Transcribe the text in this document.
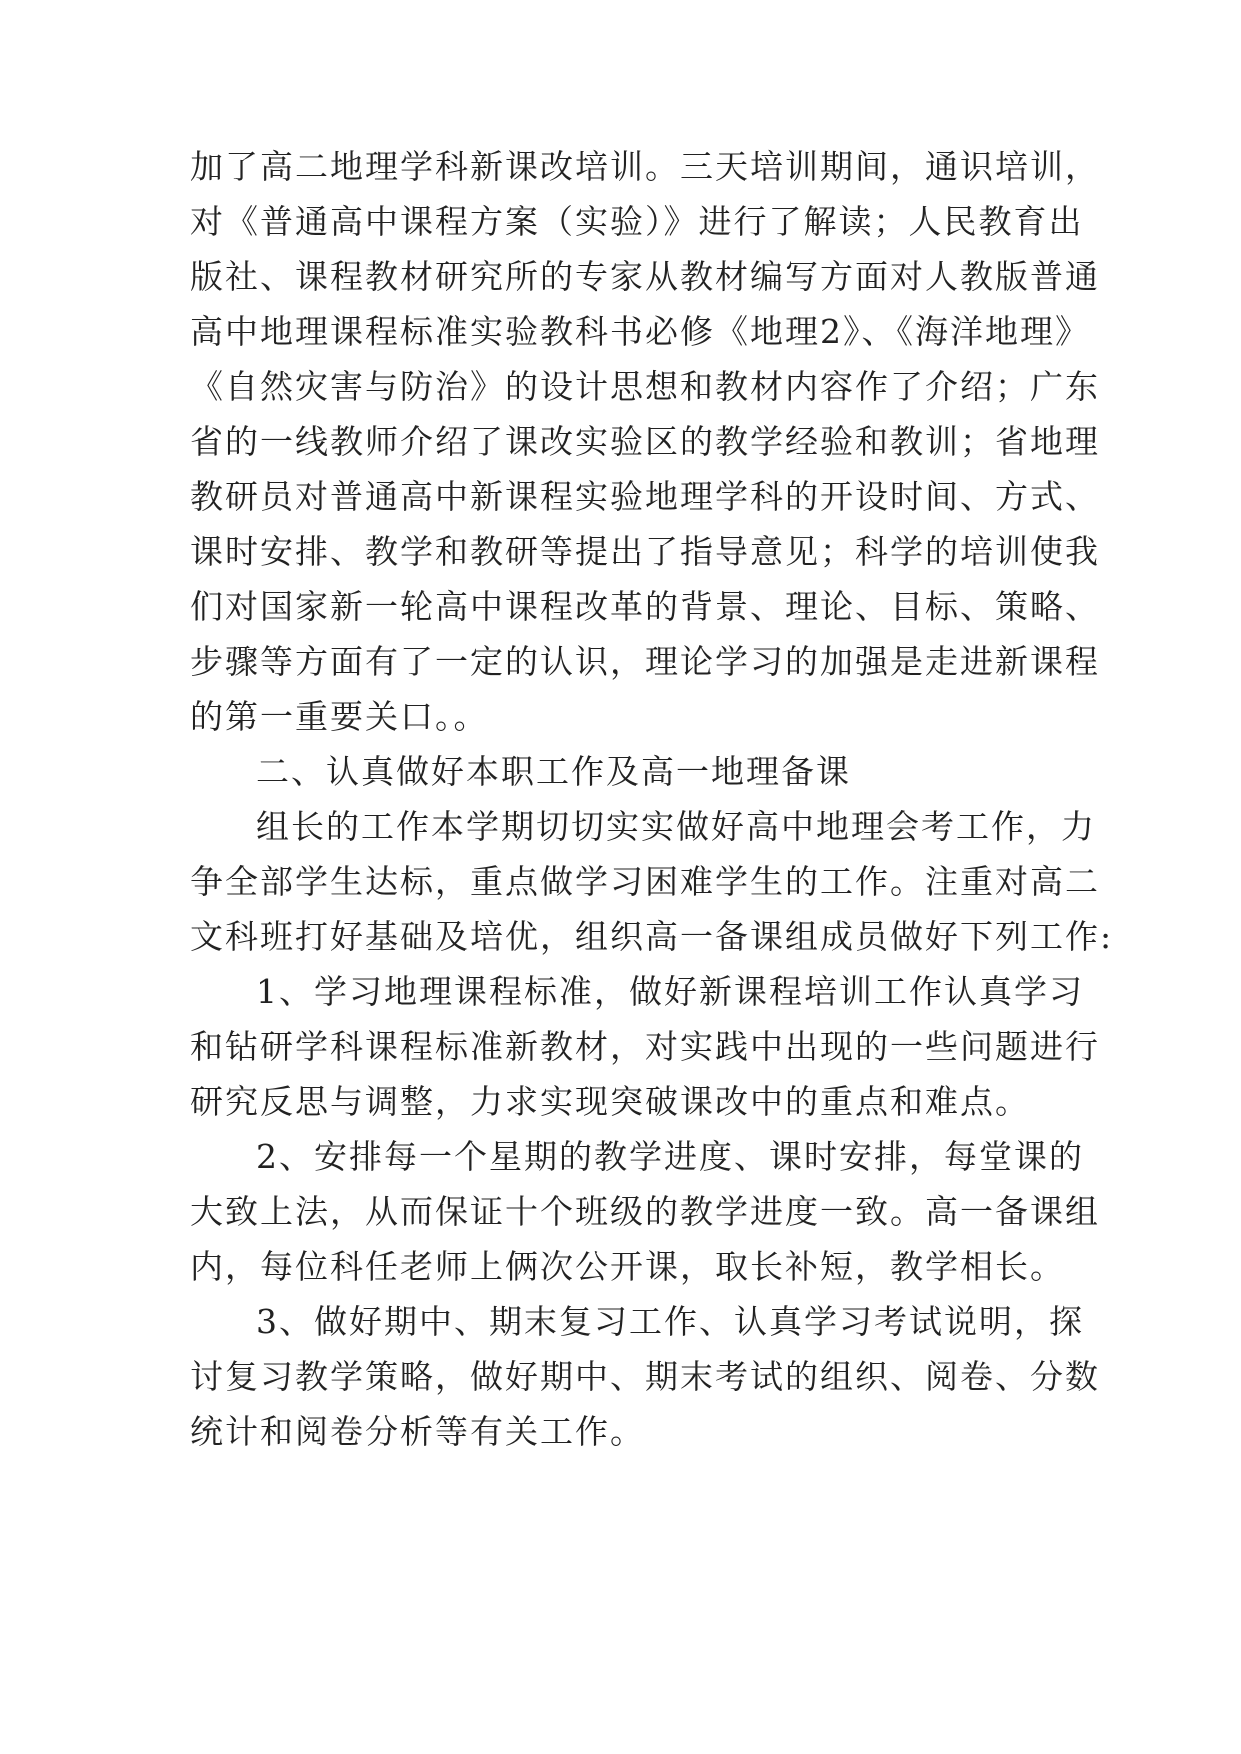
加了高二地理学科新课改培训。三天培训期间，通识培训，
对《普通高中课程方案（实验）》进行了解读；人民教育出
版社、课程教材研究所的专家从教材编写方面对人教版普通
高中地理课程标准实验教科书必修《地理2》、《海洋地理》
《自然灾害与防治》的设计思想和教材内容作了介绍；广东
省的一线教师介绍了课改实验区的教学经验和教训；省地理
教研员对普通高中新课程实验地理学科的开设时间、方式、
课时安排、教学和教研等提出了指导意见；科学的培训使我
们对国家新一轮高中课程改革的背景、理论、目标、策略、
步骤等方面有了一定的认识，理论学习的加强是走进新课程
的第一重要关口。。
二、认真做好本职工作及高一地理备课
组长的工作本学期切切实实做好高中地理会考工作，力
争全部学生达标，重点做学习困难学生的工作。注重对高二
文科班打好基础及培优，组织高一备课组成员做好下列工作:
1、学习地理课程标准，做好新课程培训工作认真学习
和钻研学科课程标准新教材，对实践中出现的一些问题进行
研究反思与调整，力求实现突破课改中的重点和难点。
2、安排每一个星期的教学进度、课时安排，每堂课的
大致上法，从而保证十个班级的教学进度一致。高一备课组
内，每位科任老师上俩次公开课，取长补短，教学相长。
3、做好期中、期末复习工作、认真学习考试说明，探
讨复习教学策略，做好期中、期末考试的组织、阅卷、分数
统计和阅卷分析等有关工作。
